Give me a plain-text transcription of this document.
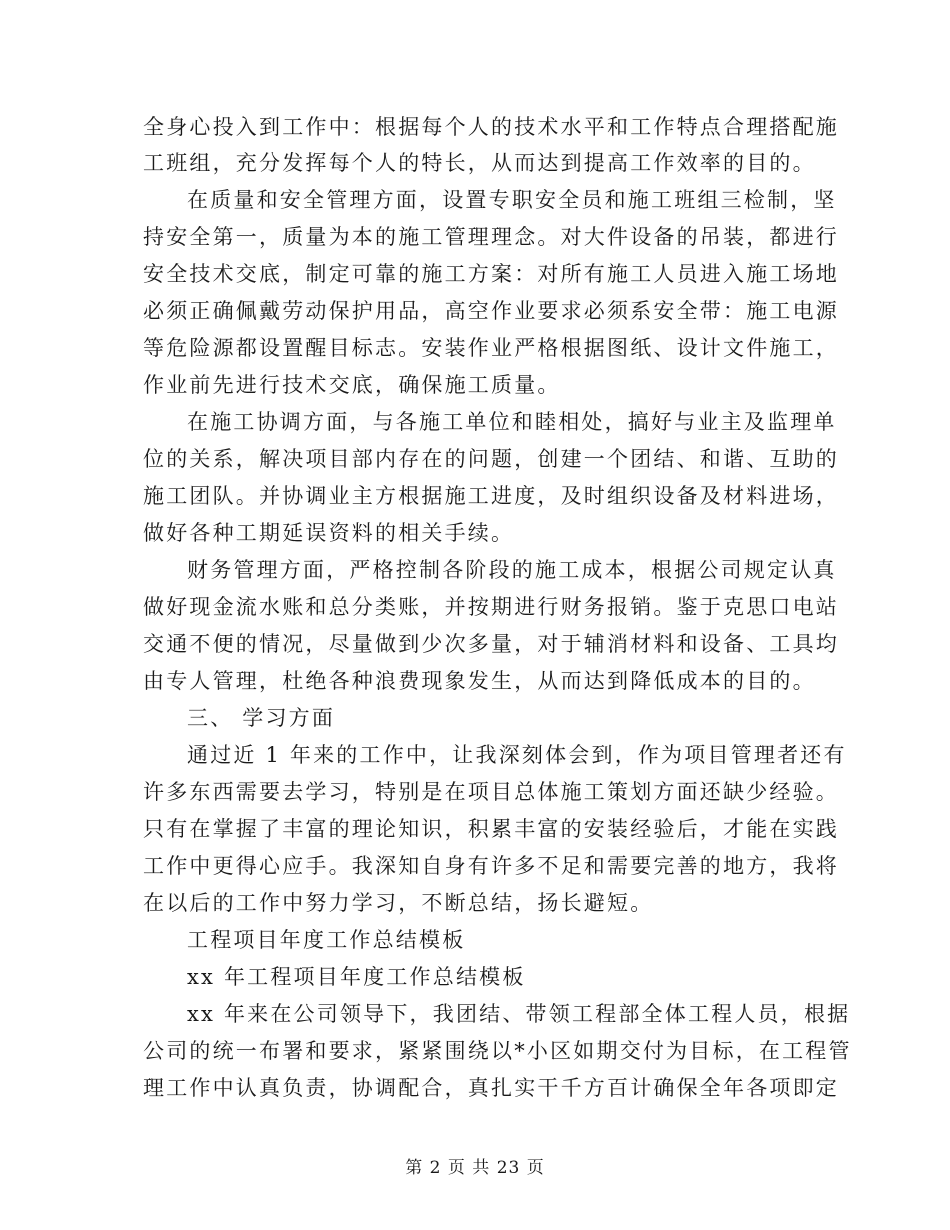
全身心投入到工作中：根据每个人的技术水平和工作特点合理搭配施
工班组，充分发挥每个人的特长，从而达到提高工作效率的目的。
在质量和安全管理方面，设置专职安全员和施工班组三检制，坚
持安全第一，质量为本的施工管理理念。对大件设备的吊装，都进行
安全技术交底，制定可靠的施工方案：对所有施工人员进入施工场地
必须正确佩戴劳动保护用品，高空作业要求必须系安全带：施工电源
等危险源都设置醒目标志。安装作业严格根据图纸、设计文件施工，
作业前先进行技术交底，确保施工质量。
在施工协调方面，与各施工单位和睦相处，搞好与业主及监理单
位的关系，解决项目部内存在的问题，创建一个团结、和谐、互助的
施工团队。并协调业主方根据施工进度，及时组织设备及材料进场，
做好各种工期延误资料的相关手续。
财务管理方面，严格控制各阶段的施工成本，根据公司规定认真
做好现金流水账和总分类账，并按期进行财务报销。鉴于克思口电站
交通不便的情况，尽量做到少次多量，对于辅消材料和设备、工具均
由专人管理，杜绝各种浪费现象发生，从而达到降低成本的目的。
三、 学习方面
通过近 1 年来的工作中，让我深刻体会到，作为项目管理者还有
许多东西需要去学习，特别是在项目总体施工策划方面还缺少经验。
只有在掌握了丰富的理论知识，积累丰富的安装经验后，才能在实践
工作中更得心应手。我深知自身有许多不足和需要完善的地方，我将
在以后的工作中努力学习，不断总结，扬长避短。
工程项目年度工作总结模板
xx 年工程项目年度工作总结模板
xx 年来在公司领导下，我团结、带领工程部全体工程人员，根据
公司的统一布署和要求，紧紧围绕以*小区如期交付为目标，在工程管
理工作中认真负责，协调配合，真扎实干千方百计确保全年各项即定
第 2 页 共 23 页
